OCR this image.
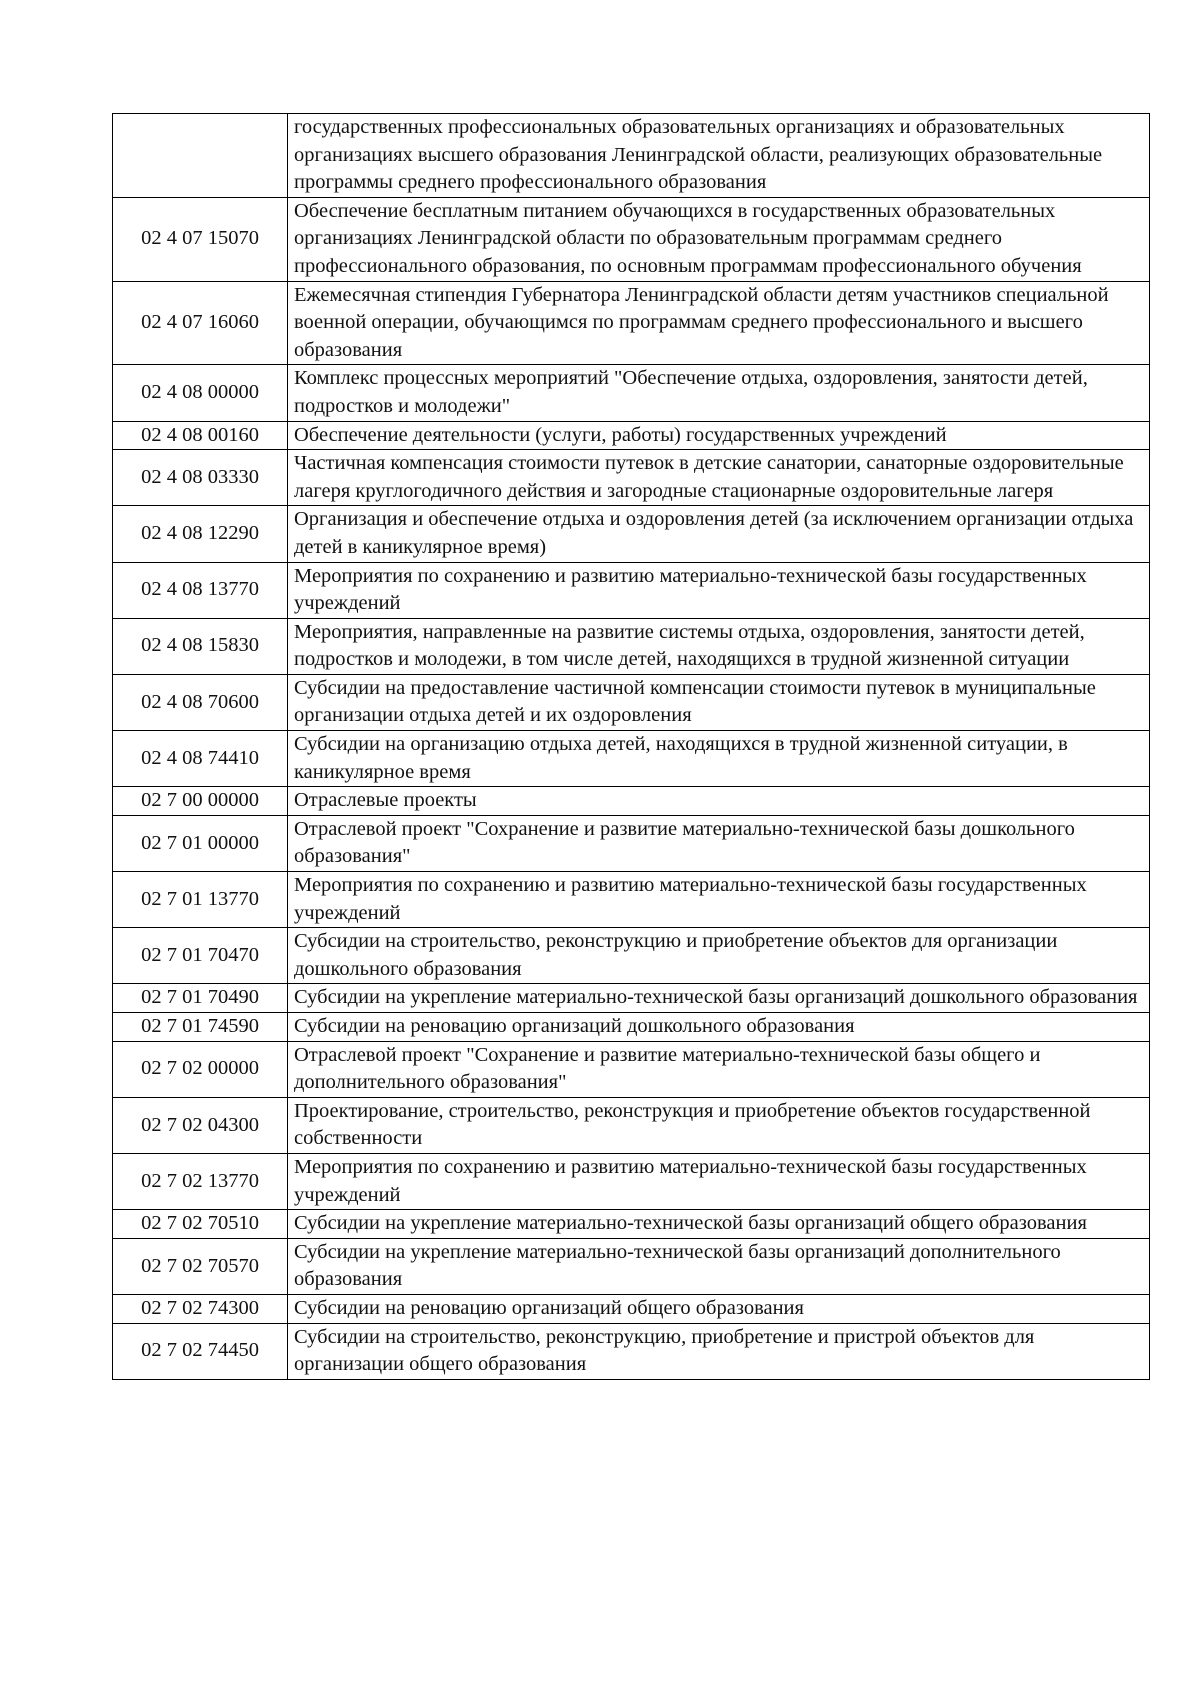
	государственных профессиональных образовательных организациях и образовательных организациях высшего образования Ленинградской области, реализующих образовательные программы среднего профессионального образования
02 4 07 15070	Обеспечение бесплатным питанием обучающихся в государственных образовательных организациях Ленинградской области по образовательным программам среднего профессионального образования, по основным программам профессионального обучения
02 4 07 16060	Ежемесячная стипендия Губернатора Ленинградской области детям участников специальной военной операции, обучающимся по программам среднего профессионального и высшего образования
02 4 08 00000	Комплекс процессных мероприятий "Обеспечение отдыха, оздоровления, занятости детей, подростков и молодежи"
02 4 08 00160	Обеспечение деятельности (услуги, работы) государственных учреждений
02 4 08 03330	Частичная компенсация стоимости путевок в детские санатории, санаторные оздоровительные лагеря круглогодичного действия и загородные стационарные оздоровительные лагеря
02 4 08 12290	Организация и обеспечение отдыха и оздоровления детей (за исключением организации отдыха детей в каникулярное время)
02 4 08 13770	Мероприятия по сохранению и развитию материально-технической базы государственных учреждений
02 4 08 15830	Мероприятия, направленные на развитие системы отдыха, оздоровления, занятости детей, подростков и молодежи, в том числе детей, находящихся в трудной жизненной ситуации
02 4 08 70600	Субсидии на предоставление частичной компенсации стоимости путевок в муниципальные организации отдыха детей и их оздоровления
02 4 08 74410	Субсидии на организацию отдыха детей, находящихся в трудной жизненной ситуации, в каникулярное время
02 7 00 00000	Отраслевые проекты
02 7 01 00000	Отраслевой проект "Сохранение и развитие материально-технической базы дошкольного образования"
02 7 01 13770	Мероприятия по сохранению и развитию материально-технической базы государственных учреждений
02 7 01 70470	Субсидии на строительство, реконструкцию и приобретение объектов для организации дошкольного образования
02 7 01 70490	Субсидии на укрепление материально-технической базы организаций дошкольного образования
02 7 01 74590	Субсидии на реновацию организаций дошкольного образования
02 7 02 00000	Отраслевой проект "Сохранение и развитие материально-технической базы общего и дополнительного образования"
02 7 02 04300	Проектирование, строительство, реконструкция и приобретение объектов государственной собственности
02 7 02 13770	Мероприятия по сохранению и развитию материально-технической базы государственных учреждений
02 7 02 70510	Субсидии на укрепление материально-технической базы организаций общего образования
02 7 02 70570	Субсидии на укрепление материально-технической базы организаций дополнительного образования
02 7 02 74300	Субсидии на реновацию организаций общего образования
02 7 02 74450	Субсидии на строительство, реконструкцию, приобретение и пристрой объектов для организации общего образования
